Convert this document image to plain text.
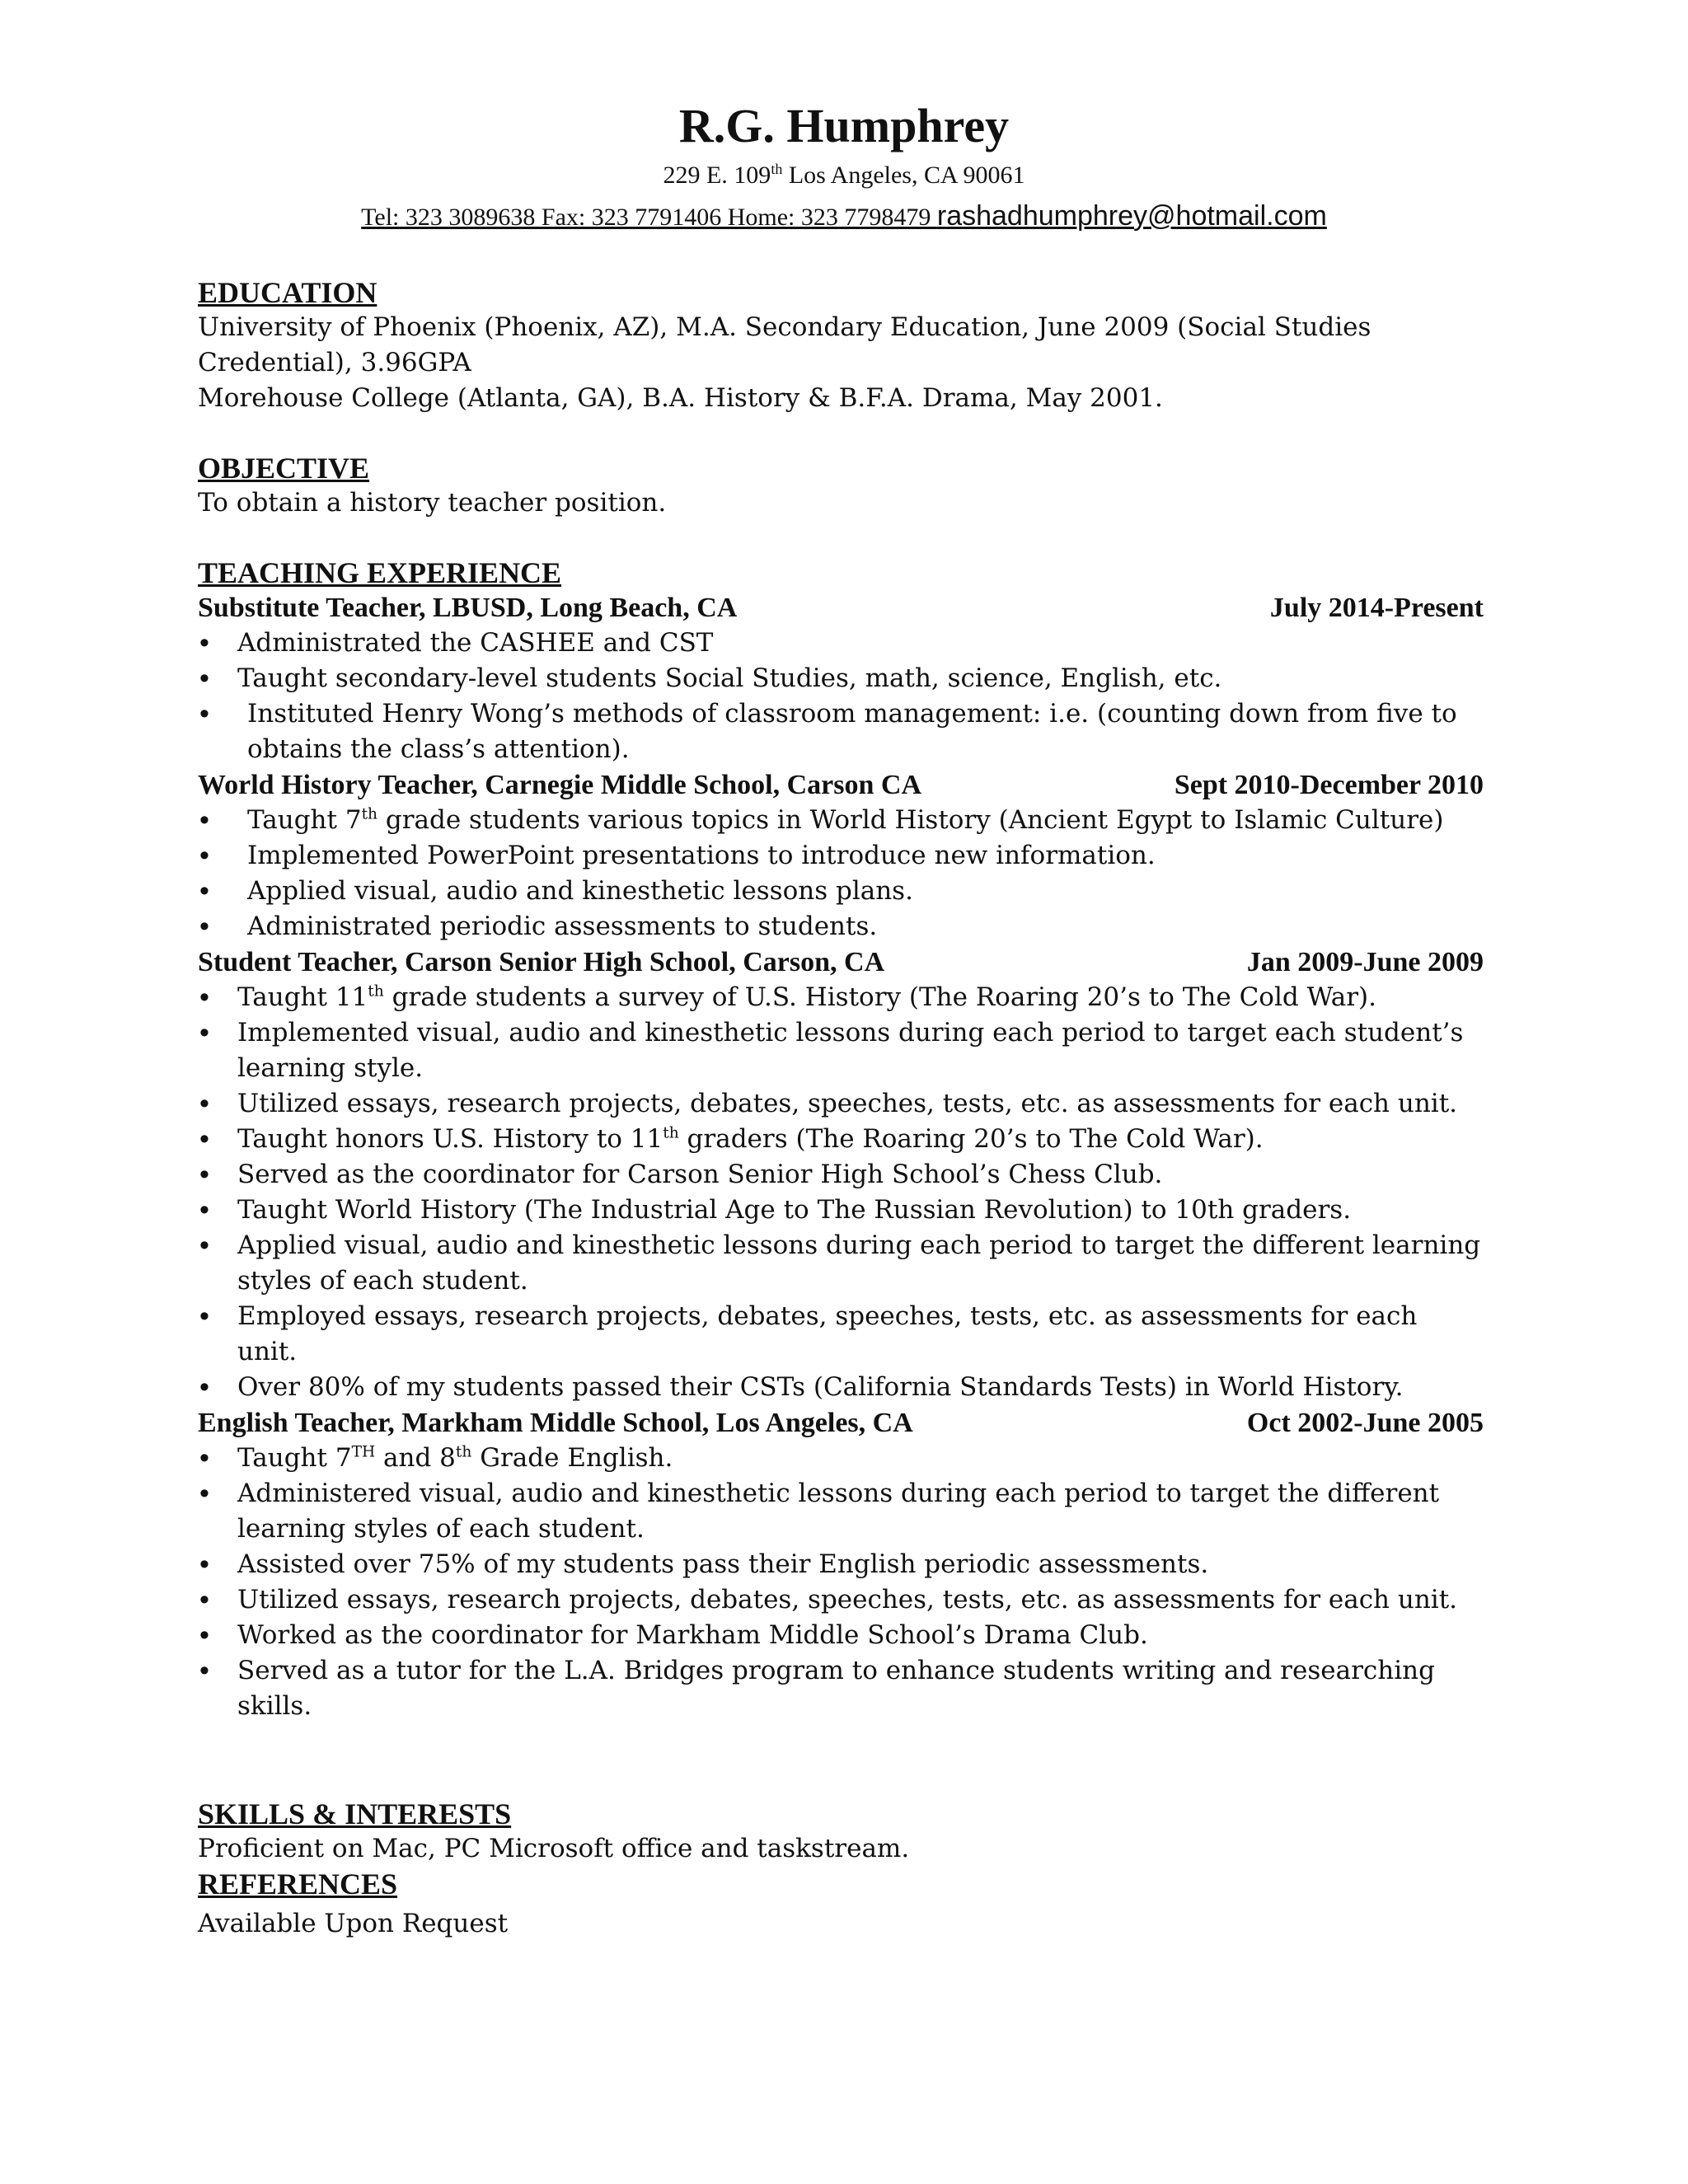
R.G. Humphrey
229 E. 109th Los Angeles, CA 90061
Tel: 323 3089638 Fax: 323 7791406 Home: 323 7798479 rashadhumphrey@hotmail.com
EDUCATION
University of Phoenix (Phoenix, AZ), M.A. Secondary Education, June 2009 (Social Studies
Credential), 3.96GPA
Morehouse College (Atlanta, GA), B.A. History & B.F.A. Drama, May 2001.
OBJECTIVE
To obtain a history teacher position.
TEACHING EXPERIENCE
Substitute Teacher, LBUSD, Long Beach, CA	July 2014-Present
• Administrated the CASHEE and CST
• Taught secondary-level students Social Studies, math, science, English, etc.
• Instituted Henry Wong’s methods of classroom management: i.e. (counting down from five to
obtains the class’s attention).
World History Teacher, Carnegie Middle School, Carson CA	Sept 2010-December 2010
• Taught 7th grade students various topics in World History (Ancient Egypt to Islamic Culture)
• Implemented PowerPoint presentations to introduce new information.
• Applied visual, audio and kinesthetic lessons plans.
• Administrated periodic assessments to students.
Student Teacher, Carson Senior High School, Carson, CA	Jan 2009-June 2009
• Taught 11th grade students a survey of U.S. History (The Roaring 20’s to The Cold War).
• Implemented visual, audio and kinesthetic lessons during each period to target each student’s
learning style.
• Utilized essays, research projects, debates, speeches, tests, etc. as assessments for each unit.
• Taught honors U.S. History to 11th graders (The Roaring 20’s to The Cold War).
• Served as the coordinator for Carson Senior High School’s Chess Club.
• Taught World History (The Industrial Age to The Russian Revolution) to 10th graders.
• Applied visual, audio and kinesthetic lessons during each period to target the different learning
styles of each student.
• Employed essays, research projects, debates, speeches, tests, etc. as assessments for each unit.
• Over 80% of my students passed their CSTs (California Standards Tests) in World History.
English Teacher, Markham Middle School, Los Angeles, CA	Oct 2002-June 2005
• Taught 7TH and 8th Grade English.
• Administered visual, audio and kinesthetic lessons during each period to target the different
learning styles of each student.
• Assisted over 75% of my students pass their English periodic assessments.
• Utilized essays, research projects, debates, speeches, tests, etc. as assessments for each unit.
• Worked as the coordinator for Markham Middle School’s Drama Club.
• Served as a tutor for the L.A. Bridges program to enhance students writing and researching skills.
SKILLS & INTERESTS
Proficient on Mac, PC Microsoft office and taskstream.
REFERENCES
Available Upon Request
